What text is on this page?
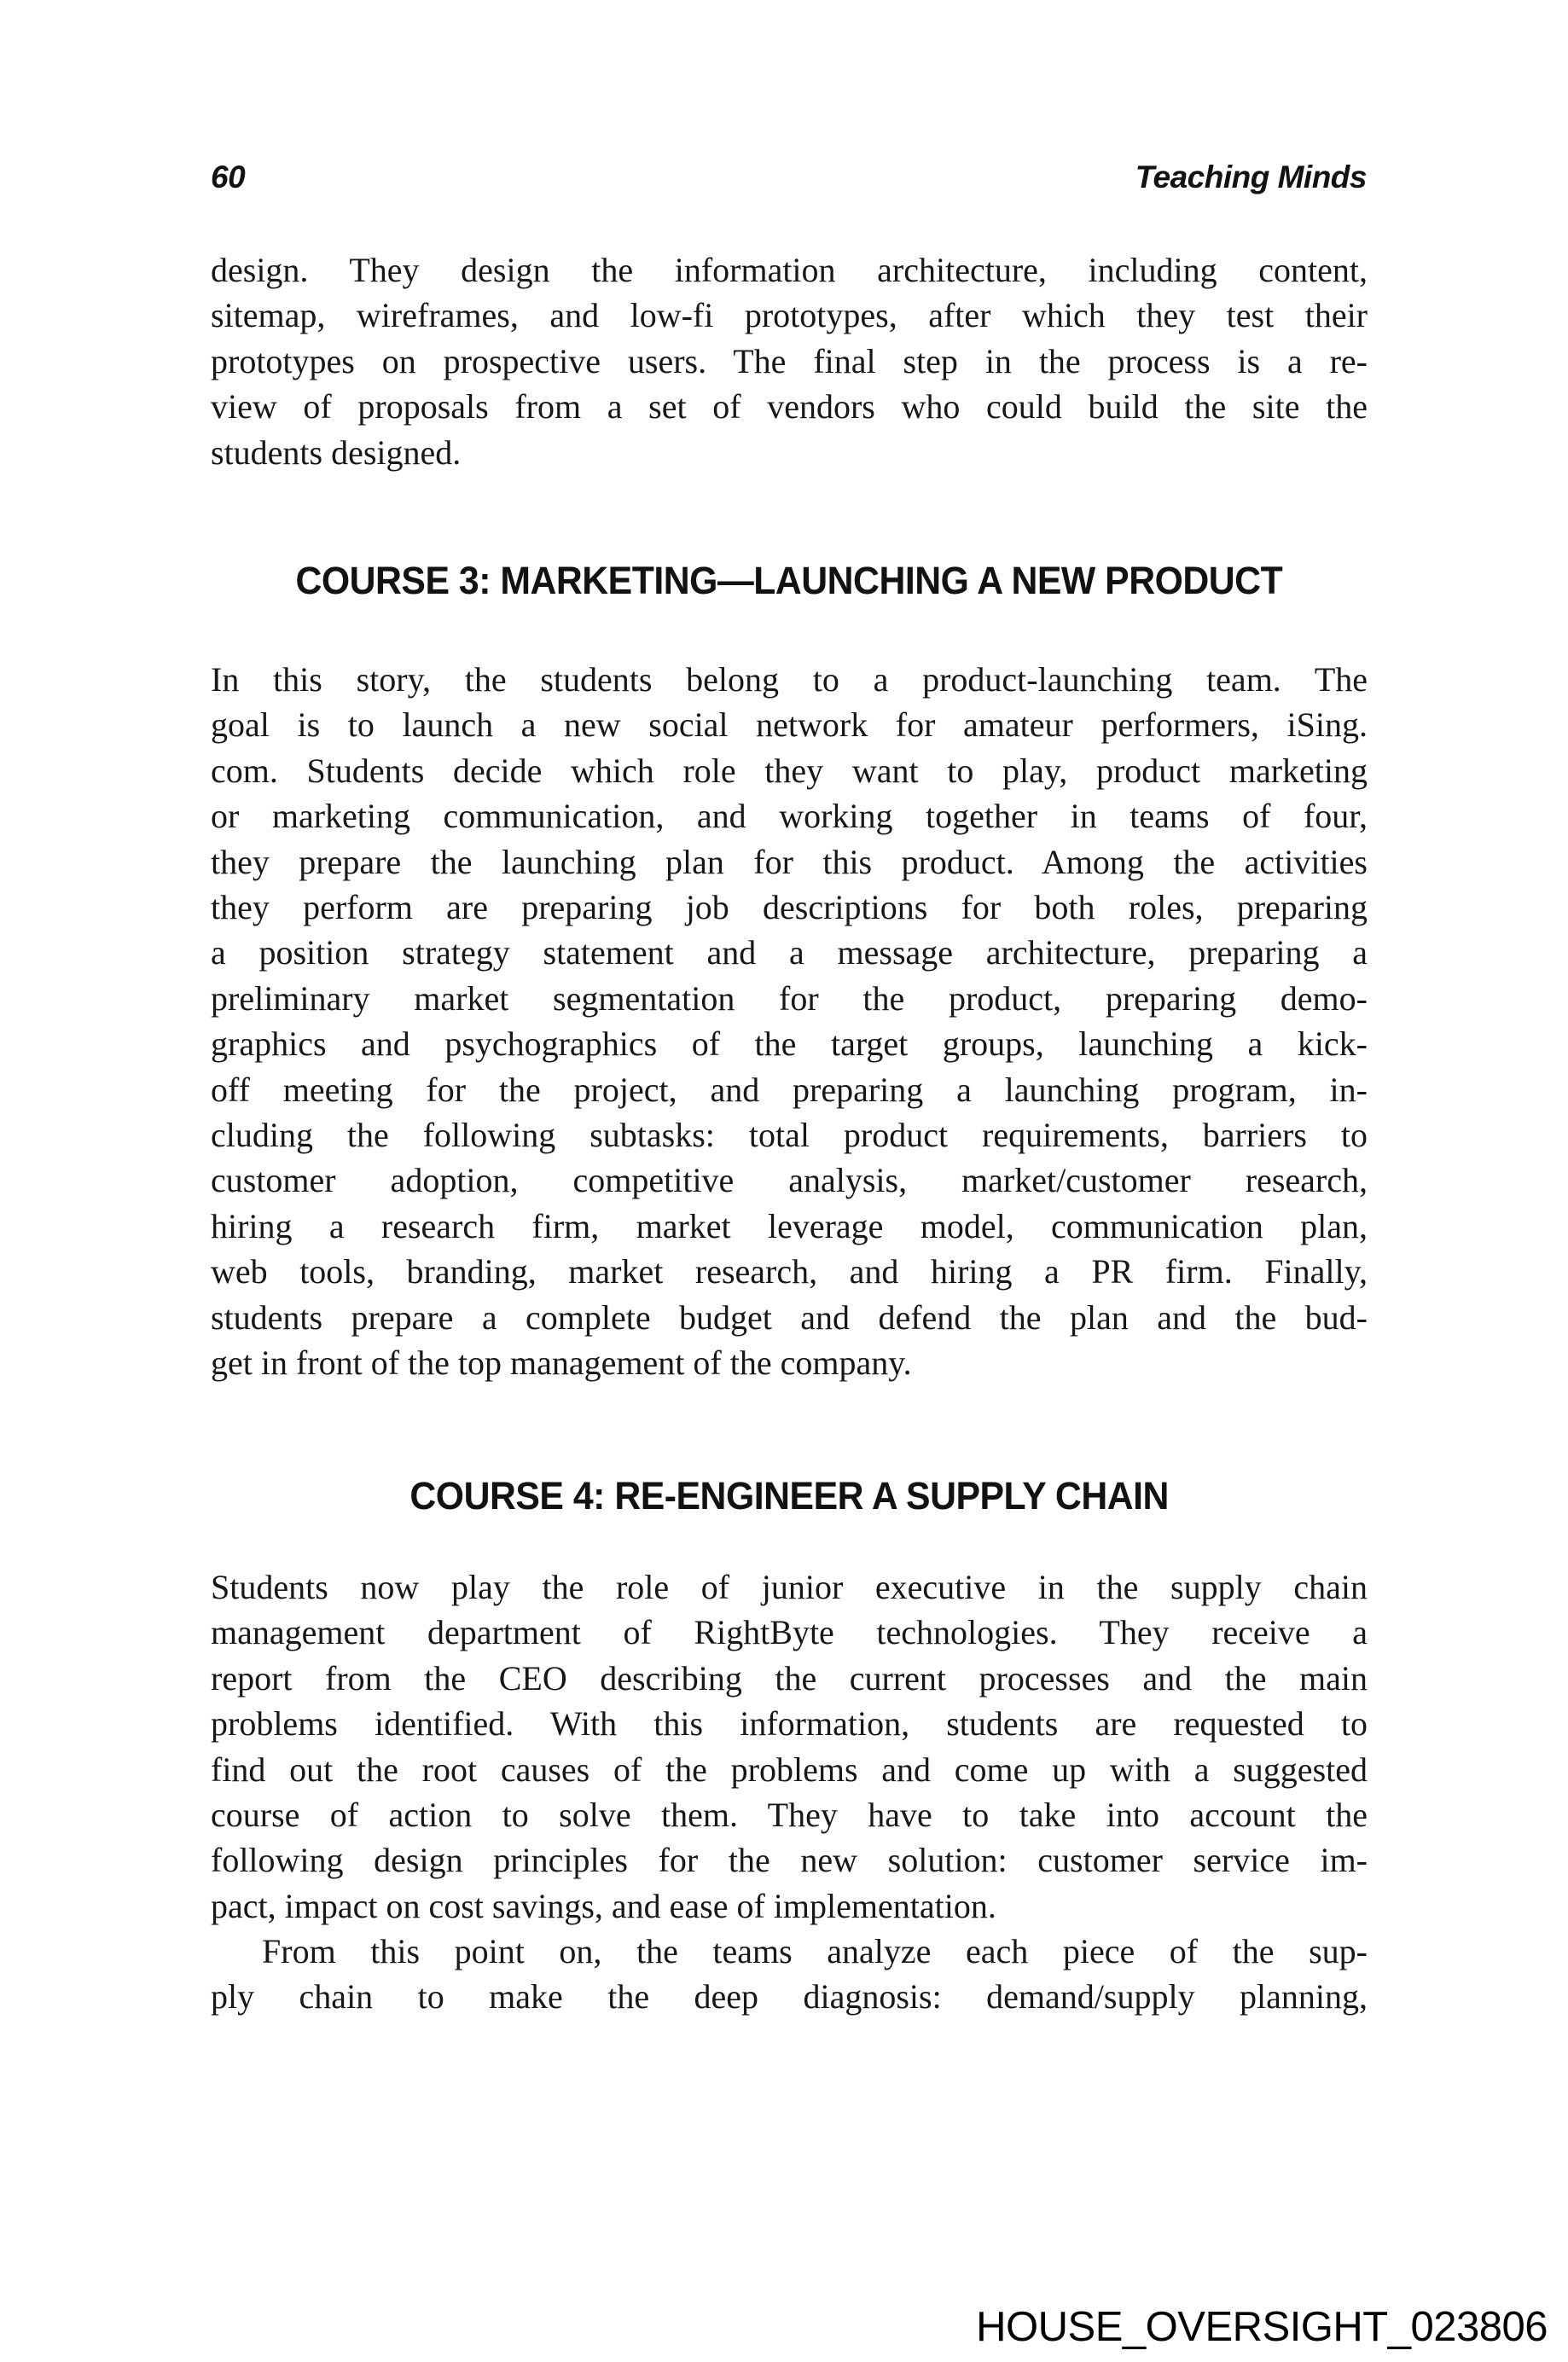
60	Teaching Minds
design. They design the information architecture, including content,
sitemap, wireframes, and low-fi prototypes, after which they test their
prototypes on prospective users. The final step in the process is a re-
view of proposals from a set of vendors who could build the site the
students designed.
COURSE 3: MARKETING—LAUNCHING A NEW PRODUCT
In this story, the students belong to a product-launching team. The
goal is to launch a new social network for amateur performers, iSing.
com. Students decide which role they want to play, product marketing
or marketing communication, and working together in teams of four,
they prepare the launching plan for this product. Among the activities
they perform are preparing job descriptions for both roles, preparing
a position strategy statement and a message architecture, preparing a
preliminary market segmentation for the product, preparing demo-
graphics and psychographics of the target groups, launching a kick-
off meeting for the project, and preparing a launching program, in-
cluding the following subtasks: total product requirements, barriers to
customer adoption, competitive analysis, market/customer research,
hiring a research firm, market leverage model, communication plan,
web tools, branding, market research, and hiring a PR firm. Finally,
students prepare a complete budget and defend the plan and the bud-
get in front of the top management of the company.
COURSE 4: RE-ENGINEER A SUPPLY CHAIN
Students now play the role of junior executive in the supply chain
management department of RightByte technologies. They receive a
report from the CEO describing the current processes and the main
problems identified. With this information, students are requested to
find out the root causes of the problems and come up with a suggested
course of action to solve them. They have to take into account the
following design principles for the new solution: customer service im-
pact, impact on cost savings, and ease of implementation.
From this point on, the teams analyze each piece of the sup-
ply chain to make the deep diagnosis: demand/supply planning,
HOUSE_OVERSIGHT_023806
